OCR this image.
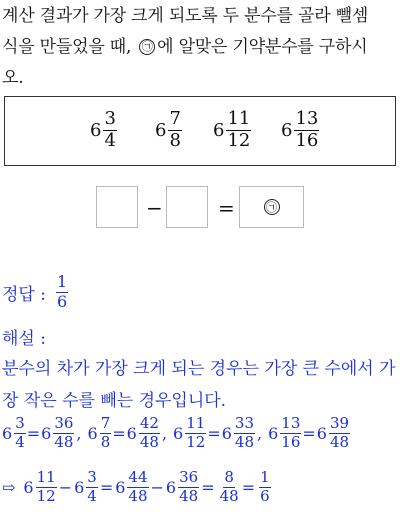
계산 결과가 가장 크게 되도록 두 분수를 골라 뺄셈
식을 만들었을 때, ㉠ 에 알맞은 기약분수를 구하시
오.
$6 \frac{3}{4} 6 \frac{7}{8} 6 \frac{11}{12} 6 \frac{13}{16}$
−	=	㉠
정답 : $\frac{1}{6}$
해설 :
분수의 차가 가장 크게 되는 경우는 가장 큰 수에서 가
장 작은 수를 빼는 경우입니다.
$6 \frac{3}{4} = 6 \frac{36}{48}$ , $6 \frac{7}{8} = 6 \frac{42}{48}$ , $6 \frac{11}{12} = 6 \frac{33}{48}$ , $6 \frac{13}{16} = 6 \frac{39}{48}$
⇨ $6 \frac{11}{12} - 6 \frac{3}{4} = 6 \frac{44}{48} - 6 \frac{36}{48} = \frac{8}{48} = \frac{1}{6}$
